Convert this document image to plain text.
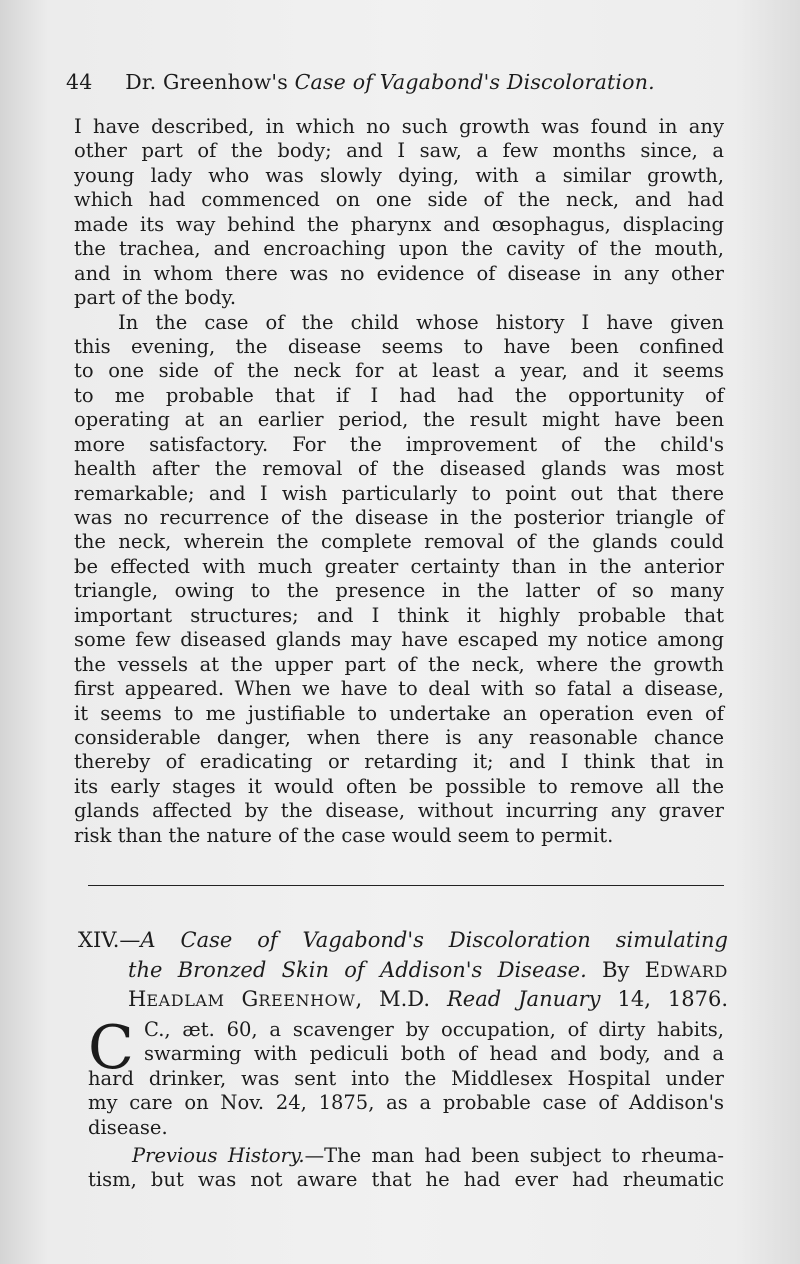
44 Dr. Greenhow's Case of Vagabond's Discoloration.
I have described, in which no such growth was found in any
other part of the body; and I saw, a few months since, a
young lady who was slowly dying, with a similar growth,
which had commenced on one side of the neck, and had
made its way behind the pharynx and œsophagus, displacing
the trachea, and encroaching upon the cavity of the mouth,
and in whom there was no evidence of disease in any other
part of the body.
In the case of the child whose history I have given
this evening, the disease seems to have been confined
to one side of the neck for at least a year, and it seems
to me probable that if I had had the opportunity of
operating at an earlier period, the result might have been
more satisfactory. For the improvement of the child's
health after the removal of the diseased glands was most
remarkable; and I wish particularly to point out that there
was no recurrence of the disease in the posterior triangle of
the neck, wherein the complete removal of the glands could
be effected with much greater certainty than in the anterior
triangle, owing to the presence in the latter of so many
important structures; and I think it highly probable that
some few diseased glands may have escaped my notice among
the vessels at the upper part of the neck, where the growth
first appeared. When we have to deal with so fatal a disease,
it seems to me justifiable to undertake an operation even of
considerable danger, when there is any reasonable chance
thereby of eradicating or retarding it; and I think that in
its early stages it would often be possible to remove all the
glands affected by the disease, without incurring any graver
risk than the nature of the case would seem to permit.
XIV.—A Case of Vagabond's Discoloration simulating
the Bronzed Skin of Addison's Disease. By EDWARD
HEADLAM GREENHOW, M.D. Read January 14, 1876.
C C., æt. 60, a scavenger by occupation, of dirty habits,
swarming with pediculi both of head and body, and a
hard drinker, was sent into the Middlesex Hospital under
my care on Nov. 24, 1875, as a probable case of Addison's
disease.
Previous History.—The man had been subject to rheuma-
tism, but was not aware that he had ever had rheumatic
